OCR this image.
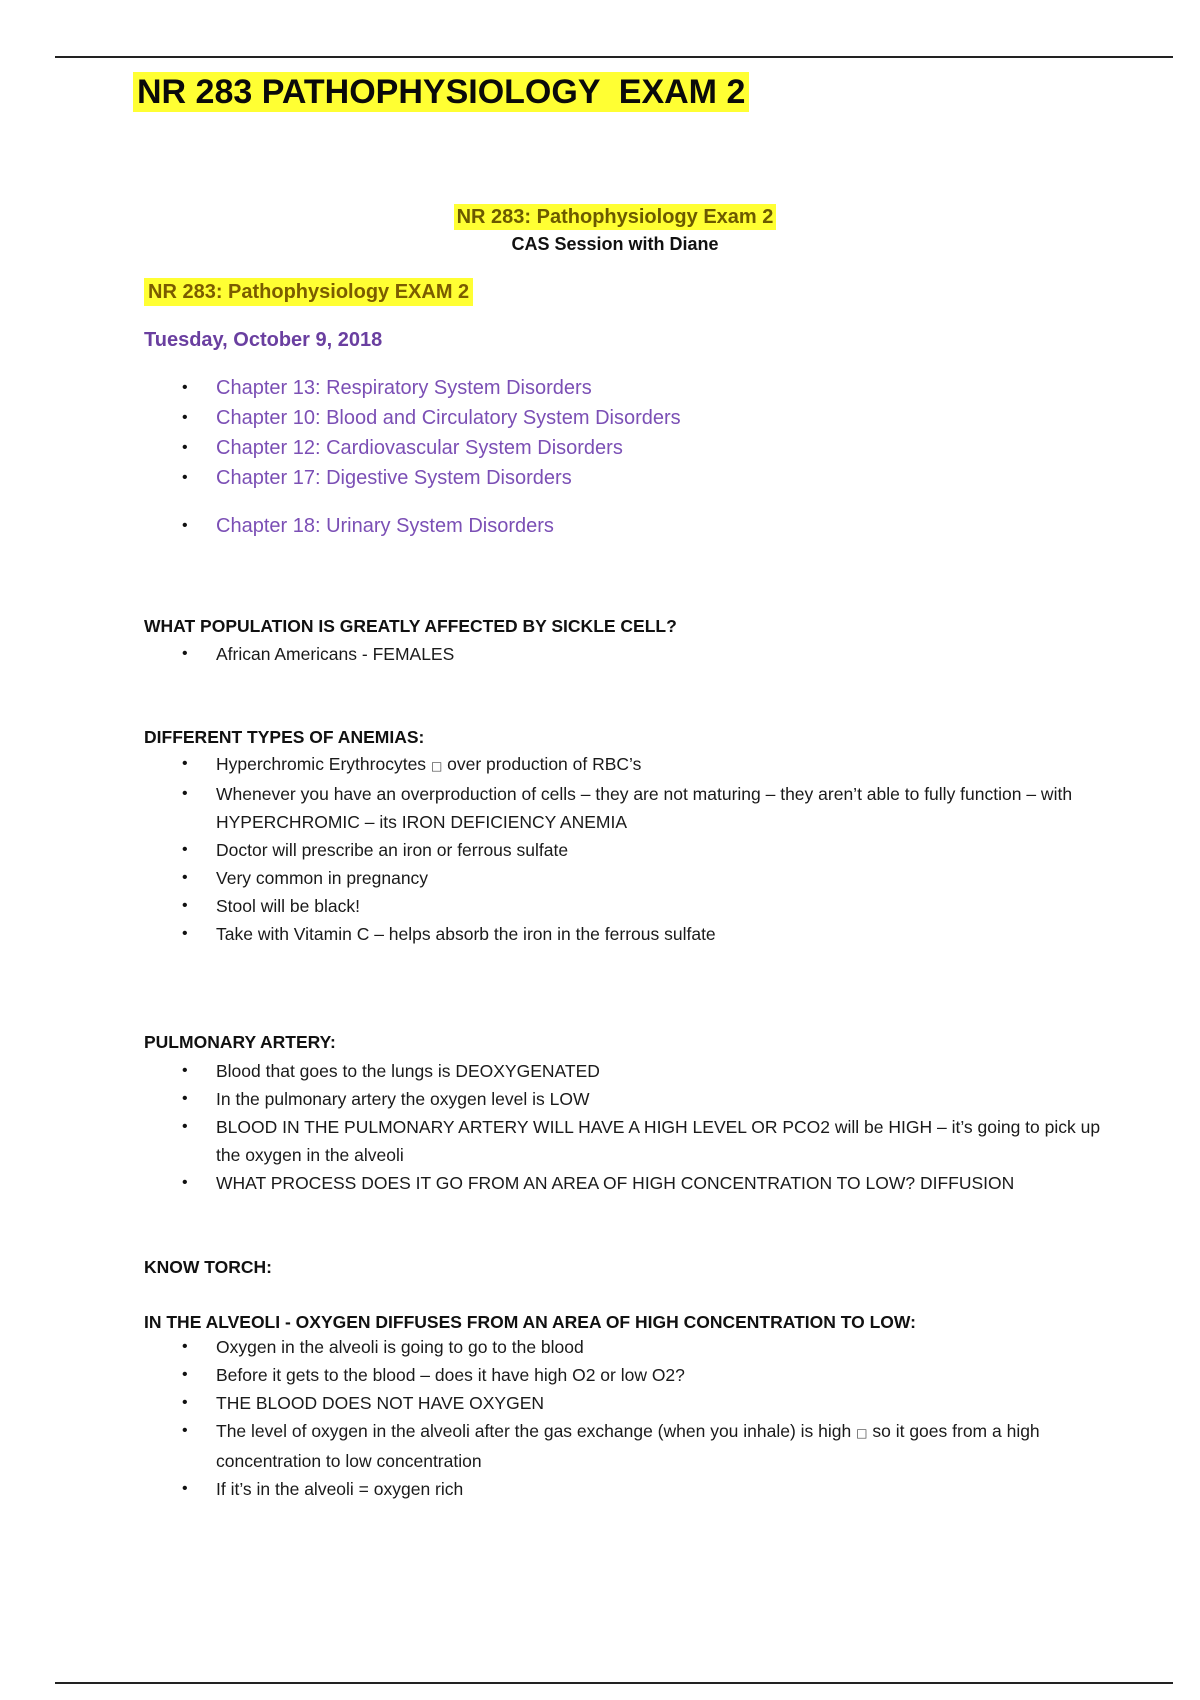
NR 283 PATHOPHYSIOLOGY  EXAM 2
NR 283: Pathophysiology Exam 2
CAS Session with Diane
NR 283: Pathophysiology EXAM 2
Tuesday, October 9, 2018
• Chapter 13: Respiratory System Disorders
• Chapter 10: Blood and Circulatory System Disorders
• Chapter 12: Cardiovascular System Disorders
• Chapter 17: Digestive System Disorders
• Chapter 18: Urinary System Disorders
WHAT POPULATION IS GREATLY AFFECTED BY SICKLE CELL?
• African Americans - FEMALES
DIFFERENT TYPES OF ANEMIAS:
• Hyperchromic Erythrocytes □ over production of RBC’s
• Whenever you have an overproduction of cells – they are not maturing – they aren’t able to fully function – with HYPERCHROMIC – its IRON DEFICIENCY ANEMIA
• Doctor will prescribe an iron or ferrous sulfate
• Very common in pregnancy
• Stool will be black!
• Take with Vitamin C – helps absorb the iron in the ferrous sulfate
PULMONARY ARTERY:
• Blood that goes to the lungs is DEOXYGENATED
• In the pulmonary artery the oxygen level is LOW
• BLOOD IN THE PULMONARY ARTERY WILL HAVE A HIGH LEVEL OR PCO2 will be HIGH – it’s going to pick up the oxygen in the alveoli
• WHAT PROCESS DOES IT GO FROM AN AREA OF HIGH CONCENTRATION TO LOW? DIFFUSION
KNOW TORCH:
IN THE ALVEOLI - OXYGEN DIFFUSES FROM AN AREA OF HIGH CONCENTRATION TO LOW:
• Oxygen in the alveoli is going to go to the blood
• Before it gets to the blood – does it have high O2 or low O2?
• THE BLOOD DOES NOT HAVE OXYGEN
• The level of oxygen in the alveoli after the gas exchange (when you inhale) is high □ so it goes from a high concentration to low concentration
• If it’s in the alveoli = oxygen rich
